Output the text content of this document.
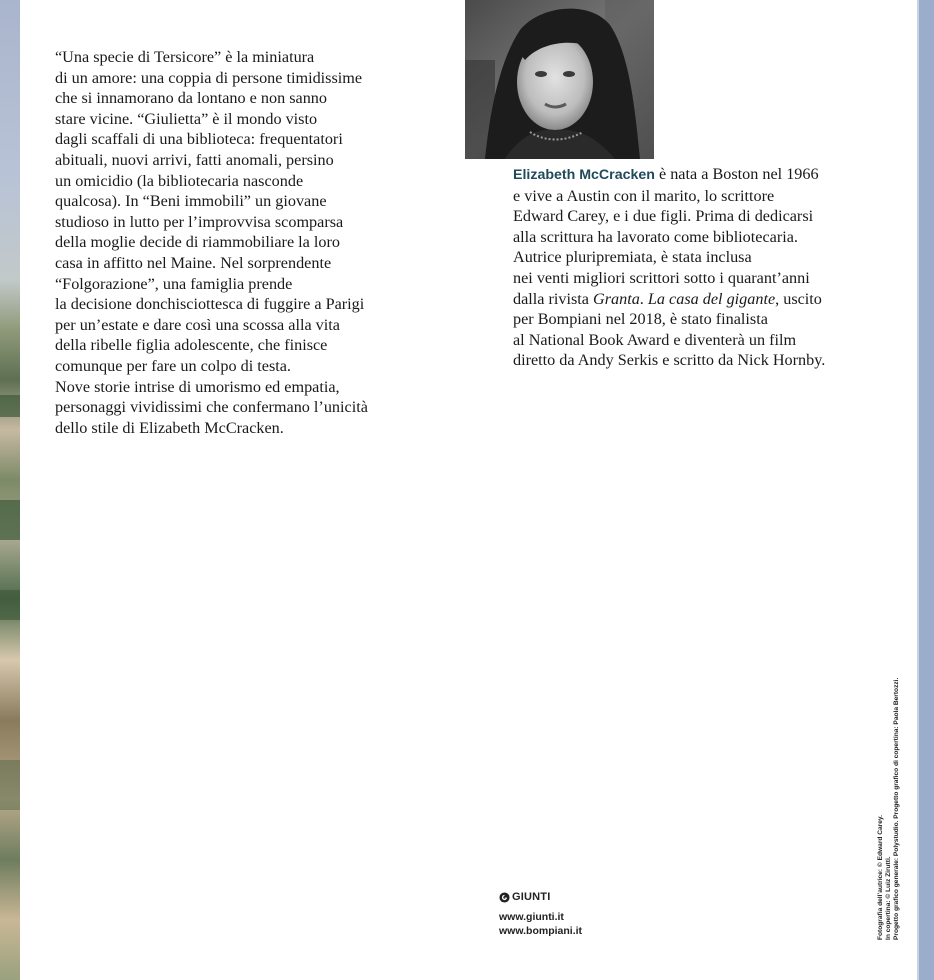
“Una specie di Tersicore” è la miniatura
di un amore: una coppia di persone timidissime
che si innamorano da lontano e non sanno
stare vicine. “Giulietta” è il mondo visto
dagli scaffali di una biblioteca: frequentatori
abituali, nuovi arrivi, fatti anomali, persino
un omicidio (la bibliotecaria nasconde
qualcosa). In “Beni immobili” un giovane
studioso in lutto per l’improvvisa scomparsa
della moglie decide di riammobiliare la loro
casa in affitto nel Maine. Nel sorprendente
“Folgorazione”, una famiglia prende
la decisione donchisciottesca di fuggire a Parigi
per un’estate e dare così una scossa alla vita
della ribelle figlia adolescente, che finisce
comunque per fare un colpo di testa.
Nove storie intrise di umorismo ed empatia,
personaggi vividissimi che confermano l’unicità
dello stile di Elizabeth McCracken.
Elizabeth McCracken è nata a Boston nel 1966
e vive a Austin con il marito, lo scrittore
Edward Carey, e i due figli. Prima di dedicarsi
alla scrittura ha lavorato come bibliotecaria.
Autrice pluripremiata, è stata inclusa
nei venti migliori scrittori sotto i quarant’anni
dalla rivista Granta. La casa del gigante, uscito
per Bompiani nel 2018, è stato finalista
al National Book Award e diventerà un film
diretto da Andy Serkis e scritto da Nick Hornby.
GIUNTI
www.giunti.it
www.bompiani.it	Fotografia dell’autrice: © Edward Carey. In copertina: © Luiz Zirutti. Progetto grafico generale: Polystudio. Progetto grafico di copertina: Paola Bertozzi.
